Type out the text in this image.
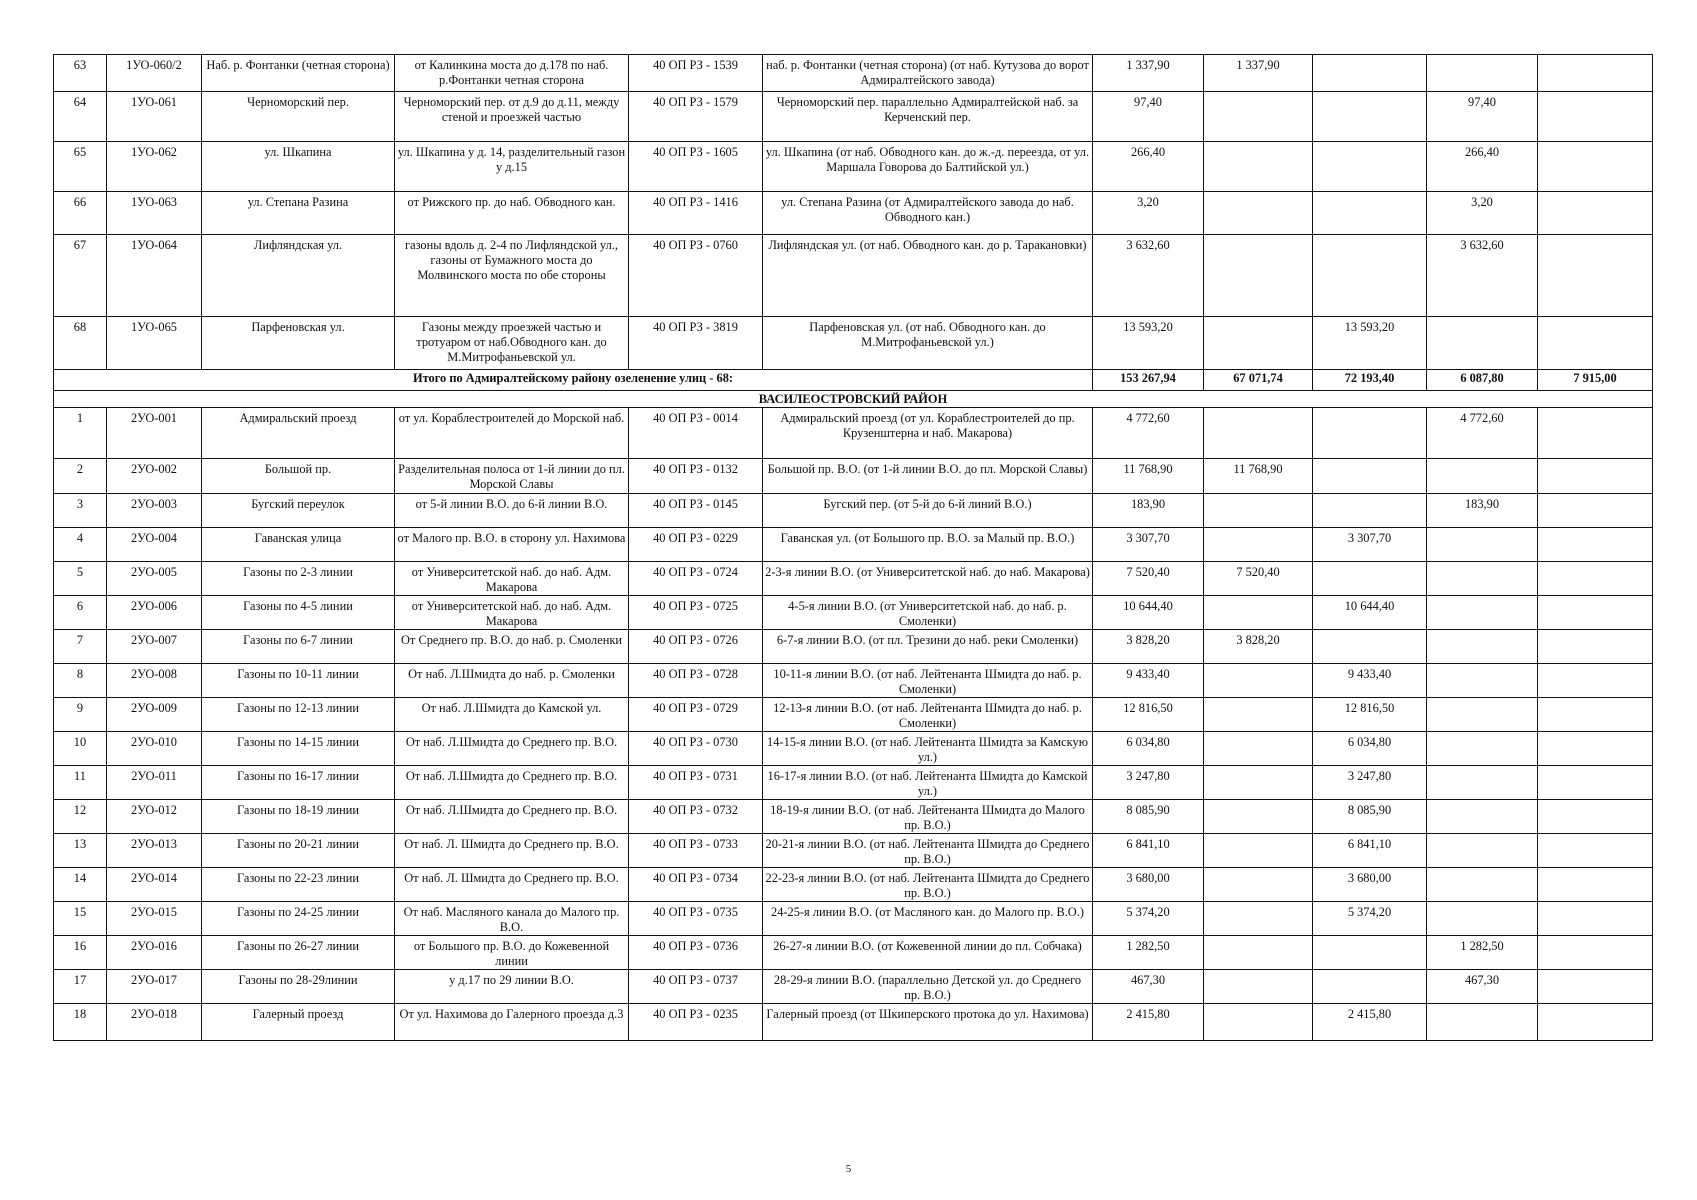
63	1УО-060/2	Наб. р. Фонтанки (четная сторона)	от Калинкина моста до д.178 по наб. р.Фонтанки четная сторона	40 ОП РЗ - 1539	наб. р. Фонтанки (четная сторона) (от наб. Кутузова до ворот Адмиралтейского завода)	1 337,90	1 337,90			
64	1УО-061	Черноморский пер.	Черноморский пер. от д.9 до д.11, между стеной и проезжей частью	40 ОП РЗ - 1579	Черноморский пер. параллельно Адмиралтейской наб. за Керченский пер.	97,40			97,40	
65	1УО-062	ул. Шкапина	ул. Шкапина у д. 14, разделительный газон у д.15	40 ОП РЗ - 1605	ул. Шкапина (от наб. Обводного кан. до ж.-д. переезда, от ул. Маршала Говорова до Балтийской ул.)	266,40			266,40	
66	1УО-063	ул. Степана Разина	от Рижского пр. до наб. Обводного кан.	40 ОП РЗ - 1416	ул. Степана Разина (от Адмиралтейского завода до наб. Обводного кан.)	3,20			3,20	
67	1УО-064	Лифляндская ул.	газоны вдоль д. 2-4 по Лифляндской ул., газоны от Бумажного моста до Молвинского моста по обе стороны	40 ОП РЗ - 0760	Лифляндская ул. (от наб. Обводного кан. до р. Таракановки)	3 632,60			3 632,60	
68	1УО-065	Парфеновская ул.	Газоны между проезжей частью и тротуаром от наб.Обводного кан. до М.Митрофаньевской ул.	40 ОП РЗ - 3819	Парфеновская ул. (от наб. Обводного кан. до М.Митрофаньевской ул.)	13 593,20		13 593,20		
Итого по Адмиралтейскому району озеленение улиц - 68:						153 267,94	67 071,74	72 193,40	6 087,80	7 915,00
ВАСИЛЕОСТРОВСКИЙ РАЙОН										
1	2УО-001	Адмиральский проезд	от ул. Кораблестроителей до Морской наб.	40 ОП РЗ - 0014	Адмиральский проезд (от ул. Кораблестроителей до пр. Крузенштерна и наб. Макарова)	4 772,60			4 772,60	
2	2УО-002	Большой пр.	Разделительная полоса от 1-й линии до пл. Морской Славы	40 ОП РЗ - 0132	Большой пр. В.О. (от 1-й линии В.О. до пл. Морской Славы)	11 768,90	11 768,90			
3	2УО-003	Бугский переулок	от 5-й линии В.О. до 6-й линии В.О.	40 ОП РЗ - 0145	Бугский пер. (от 5-й до 6-й линий В.О.)	183,90			183,90	
4	2УО-004	Гаванская улица	от Малого пр. В.О. в сторону ул. Нахимова	40 ОП РЗ - 0229	Гаванская ул. (от Большого пр. В.О. за Малый пр. В.О.)	3 307,70		3 307,70		
5	2УО-005	Газоны по 2-3 линии	от Университетской наб. до наб. Адм. Макарова	40 ОП РЗ - 0724	2-3-я линии В.О. (от Университетской наб. до наб. Макарова)	7 520,40	7 520,40			
6	2УО-006	Газоны по 4-5 линии	от Университетской наб. до наб. Адм. Макарова	40 ОП РЗ - 0725	4-5-я линии В.О. (от Университетской наб. до наб. р. Смоленки)	10 644,40		10 644,40		
7	2УО-007	Газоны по 6-7 линии	От Среднего пр. В.О. до наб. р. Смоленки	40 ОП РЗ - 0726	6-7-я линии В.О. (от пл. Трезини до наб. реки Смоленки)	3 828,20	3 828,20			
8	2УО-008	Газоны по 10-11 линии	От наб. Л.Шмидта до наб. р. Смоленки	40 ОП РЗ - 0728	10-11-я линии В.О. (от наб. Лейтенанта Шмидта до наб. р. Смоленки)	9 433,40		9 433,40		
9	2УО-009	Газоны по 12-13 линии	От наб. Л.Шмидта до Камской ул.	40 ОП РЗ - 0729	12-13-я линии В.О. (от наб. Лейтенанта Шмидта до наб. р. Смоленки)	12 816,50		12 816,50		
10	2УО-010	Газоны по 14-15 линии	От наб. Л.Шмидта до Среднего пр. В.О.	40 ОП РЗ - 0730	14-15-я линии В.О. (от наб. Лейтенанта Шмидта за Камскую ул.)	6 034,80		6 034,80		
11	2УО-011	Газоны по 16-17 линии	От наб. Л.Шмидта до Среднего пр. В.О.	40 ОП РЗ - 0731	16-17-я линии В.О. (от наб. Лейтенанта Шмидта до Камской ул.)	3 247,80		3 247,80		
12	2УО-012	Газоны по 18-19 линии	От наб. Л.Шмидта до Среднего пр. В.О.	40 ОП РЗ - 0732	18-19-я линии В.О. (от наб. Лейтенанта Шмидта до Малого пр. В.О.)	8 085,90		8 085,90		
13	2УО-013	Газоны по 20-21 линии	От наб. Л. Шмидта до Среднего пр. В.О.	40 ОП РЗ - 0733	20-21-я линии В.О. (от наб. Лейтенанта Шмидта до Среднего пр. В.О.)	6 841,10		6 841,10		
14	2УО-014	Газоны по 22-23 линии	От наб. Л. Шмидта до Среднего пр. В.О.	40 ОП РЗ - 0734	22-23-я линии В.О. (от наб. Лейтенанта Шмидта до Среднего пр. В.О.)	3 680,00		3 680,00		
15	2УО-015	Газоны по 24-25 линии	От наб. Масляного канала до Малого пр. В.О.	40 ОП РЗ - 0735	24-25-я линии В.О. (от Масляного кан. до Малого пр. В.О.)	5 374,20		5 374,20		
16	2УО-016	Газоны по 26-27 линии	от Большого пр. В.О. до Кожевенной линии	40 ОП РЗ - 0736	26-27-я линии В.О. (от Кожевенной линии до пл. Собчака)	1 282,50			1 282,50	
17	2УО-017	Газоны по 28-29линии	у д.17 по 29 линии В.О.	40 ОП РЗ - 0737	28-29-я линии В.О. (параллельно Детской ул. до Среднего пр. В.О.)	467,30			467,30	
18	2УО-018	Галерный проезд	От ул. Нахимова до Галерного проезда д.3	40 ОП РЗ - 0235	Галерный проезд (от Шкиперского протока до ул. Нахимова)	2 415,80		2 415,80		
5
